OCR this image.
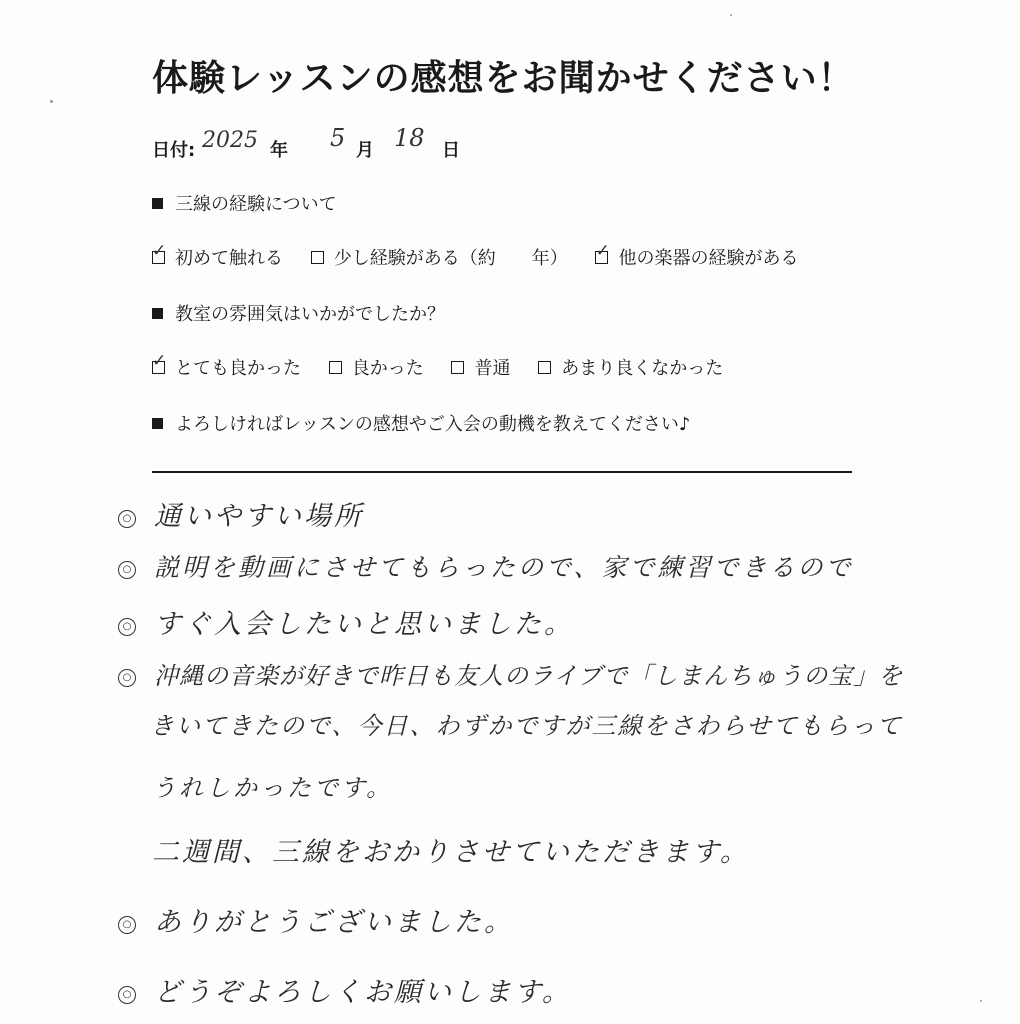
体験レッスンの感想をお聞かせください！
日付: 2025 年 5 月 18 日
三線の経験について
✓初めて触れる	少し経験がある（約　　年） ✓	他の楽器の経験がある
教室の雰囲気はいかがでしたか？
✓とても良かった	良かった	普通	あまり良くなかった
よろしければレッスンの感想やご入会の動機を教えてください♪
○ 通いやすい場所
○ 説明を動画にさせてもらったので、家で練習できるので
○ すぐ入会したいと思いました。
○ 沖縄の音楽が好きで昨日も友人のライブで「しまんちゅうの宝」を
きいてきたので、今日、わずかですが三線をさわらせてもらって
うれしかったです。
二週間、三線をおかりさせていただきます。
○ ありがとうございました。
○ どうぞよろしくお願いします。
